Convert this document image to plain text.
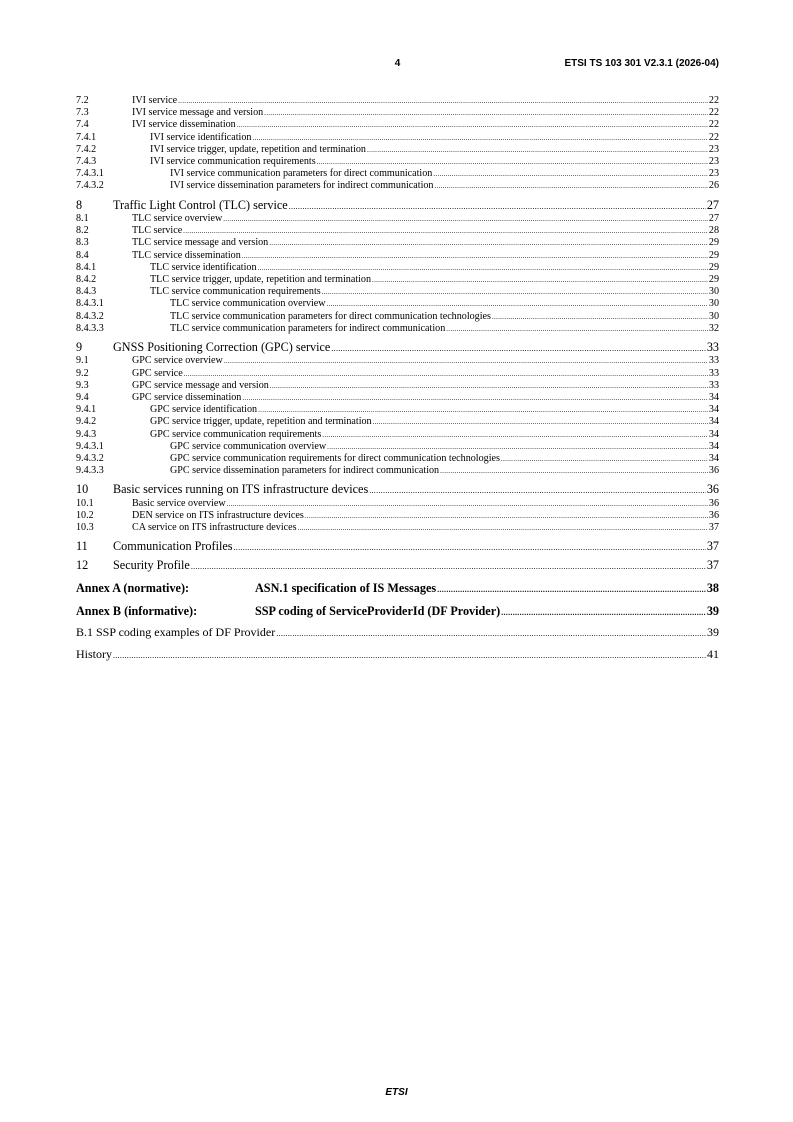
4	ETSI TS 103 301 V2.3.1 (2026-04)
7.2	IVI service .....	22
7.3	IVI service message and version .....	22
7.4	IVI service dissemination .....	22
7.4.1	IVI service identification .....	22
7.4.2	IVI service trigger, update, repetition and termination .....	23
7.4.3	IVI service communication requirements .....	23
7.4.3.1	IVI service communication parameters for direct communication .....	23
7.4.3.2	IVI service dissemination parameters for indirect communication .....	26
8	Traffic Light Control (TLC) service .....	27
8.1	TLC service overview .....	27
8.2	TLC service .....	28
8.3	TLC service message and version .....	29
8.4	TLC service dissemination .....	29
8.4.1	TLC service identification .....	29
8.4.2	TLC service trigger, update, repetition and termination .....	29
8.4.3	TLC service communication requirements .....	30
8.4.3.1	TLC service communication overview .....	30
8.4.3.2	TLC service communication parameters for direct communication technologies .....	30
8.4.3.3	TLC service communication parameters for indirect communication .....	32
9	GNSS Positioning Correction (GPC) service .....	33
9.1	GPC service overview .....	33
9.2	GPC service .....	33
9.3	GPC service message and version .....	33
9.4	GPC service dissemination .....	34
9.4.1	GPC service identification .....	34
9.4.2	GPC service trigger, update, repetition and termination .....	34
9.4.3	GPC service communication requirements .....	34
9.4.3.1	GPC service communication overview .....	34
9.4.3.2	GPC service communication requirements for direct communication technologies .....	34
9.4.3.3	GPC service dissemination parameters for indirect communication .....	36
10	Basic services running on ITS infrastructure devices .....	36
10.1	Basic service overview .....	36
10.2	DEN service on ITS infrastructure devices .....	36
10.3	CA service on ITS infrastructure devices .....	37
11	Communication Profiles .....	37
12	Security Profile .....	37
Annex A (normative):	ASN.1 specification of IS Messages .....	38
Annex B (informative):	SSP coding of ServiceProviderId (DF Provider) .....	39
B.1 SSP coding examples of DF Provider .....	39
History .....	41
ETSI
